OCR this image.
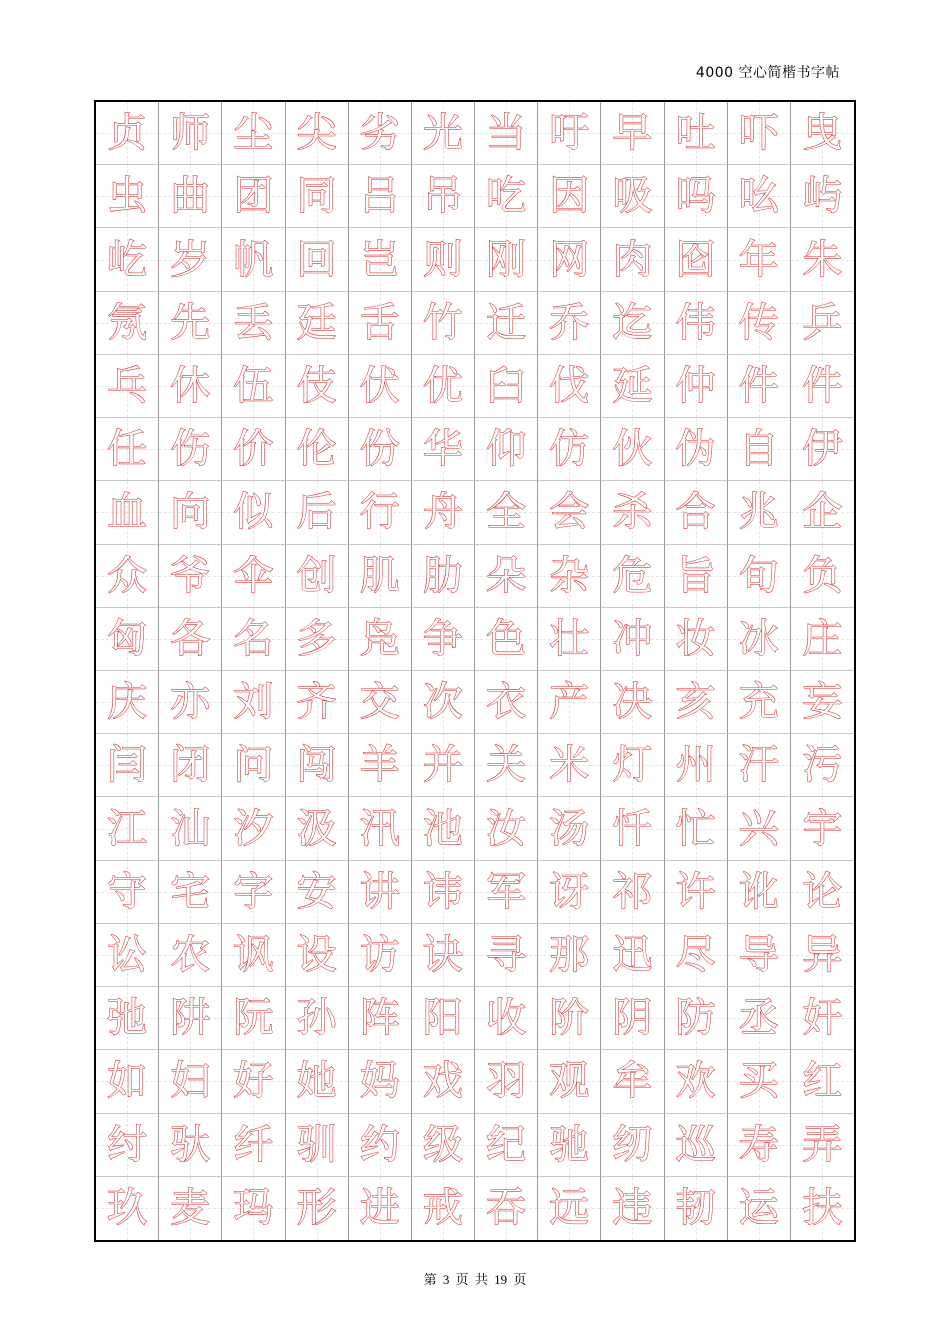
4000 空心简楷书字帖
贞 师 尘 尖 劣 光 当 吁 早 吐 吓 曳
虫 曲 团 同 吕 吊 吃 因 吸 吗 吆 屿
屹 岁 帆 回 岂 则 刚 网 肉 囵 年 朱
氖 先 丢 廷 舌 竹 迁 乔 迄 伟 传 乒
乓 休 伍 伎 伏 优 臼 伐 延 仲 件 件
任 伤 价 伦 份 华 仰 仿 伙 伪 自 伊
血 向 似 后 行 舟 全 会 杀 合 兆 企
众 爷 伞 创 肌 肋 朵 杂 危 旨 旬 负
匈 各 名 多 凫 争 色 壮 冲 妆 冰 庄
庆 亦 刘 齐 交 次 衣 产 决 亥 充 妄
闫 闭 问 闯 羊 并 关 米 灯 州 汗 污
江 汕 汐 汲 汛 池 汝 汤 忏 忙 兴 宇
守 宅 字 安 讲 讳 军 讶 祁 许 讹 论
讼 农 讽 设 访 诀 寻 那 迅 尽 导 异
弛 阱 阮 孙 阵 阳 收 阶 阴 防 丞 奸
如 妇 好 她 妈 戏 羽 观 牟 欢 买 红
纣 驮 纤 驯 约 级 纪 驰 纫 巡 寿 弄
玖 麦 玛 形 进 戒 吞 远 违 韧 运 扶
第 3 页 共 19 页
